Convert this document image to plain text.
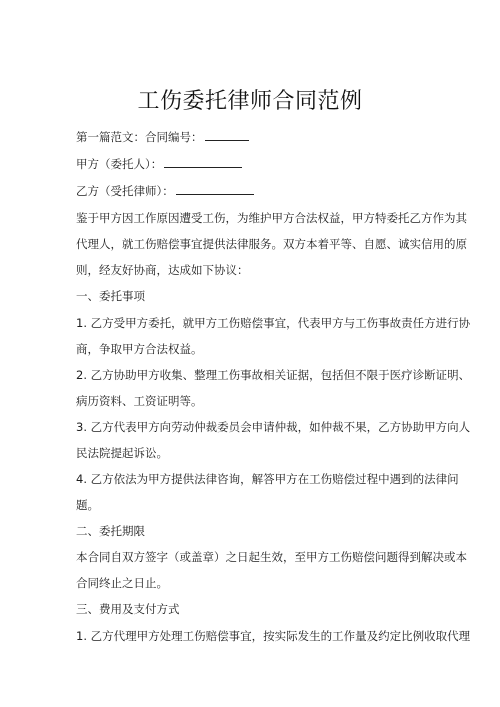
工伤委托律师合同范例
第一篇范文：合同编号：
甲方（委托人）：
乙方（受托律师）：
鉴于甲方因工作原因遭受工伤，为维护甲方合法权益，甲方特委托乙方作为其
代理人，就工伤赔偿事宜提供法律服务。双方本着平等、自愿、诚实信用的原
则，经友好协商，达成如下协议：
一、委托事项
1. 乙方受甲方委托，就甲方工伤赔偿事宜，代表甲方与工伤事故责任方进行协
商，争取甲方合法权益。
2. 乙方协助甲方收集、整理工伤事故相关证据，包括但不限于医疗诊断证明、
病历资料、工资证明等。
3. 乙方代表甲方向劳动仲裁委员会申请仲裁，如仲裁不果，乙方协助甲方向人
民法院提起诉讼。
4. 乙方依法为甲方提供法律咨询，解答甲方在工伤赔偿过程中遇到的法律问
题。
二、委托期限
本合同自双方签字（或盖章）之日起生效，至甲方工伤赔偿问题得到解决或本
合同终止之日止。
三、费用及支付方式
1. 乙方代理甲方处理工伤赔偿事宜，按实际发生的工作量及约定比例收取代理
